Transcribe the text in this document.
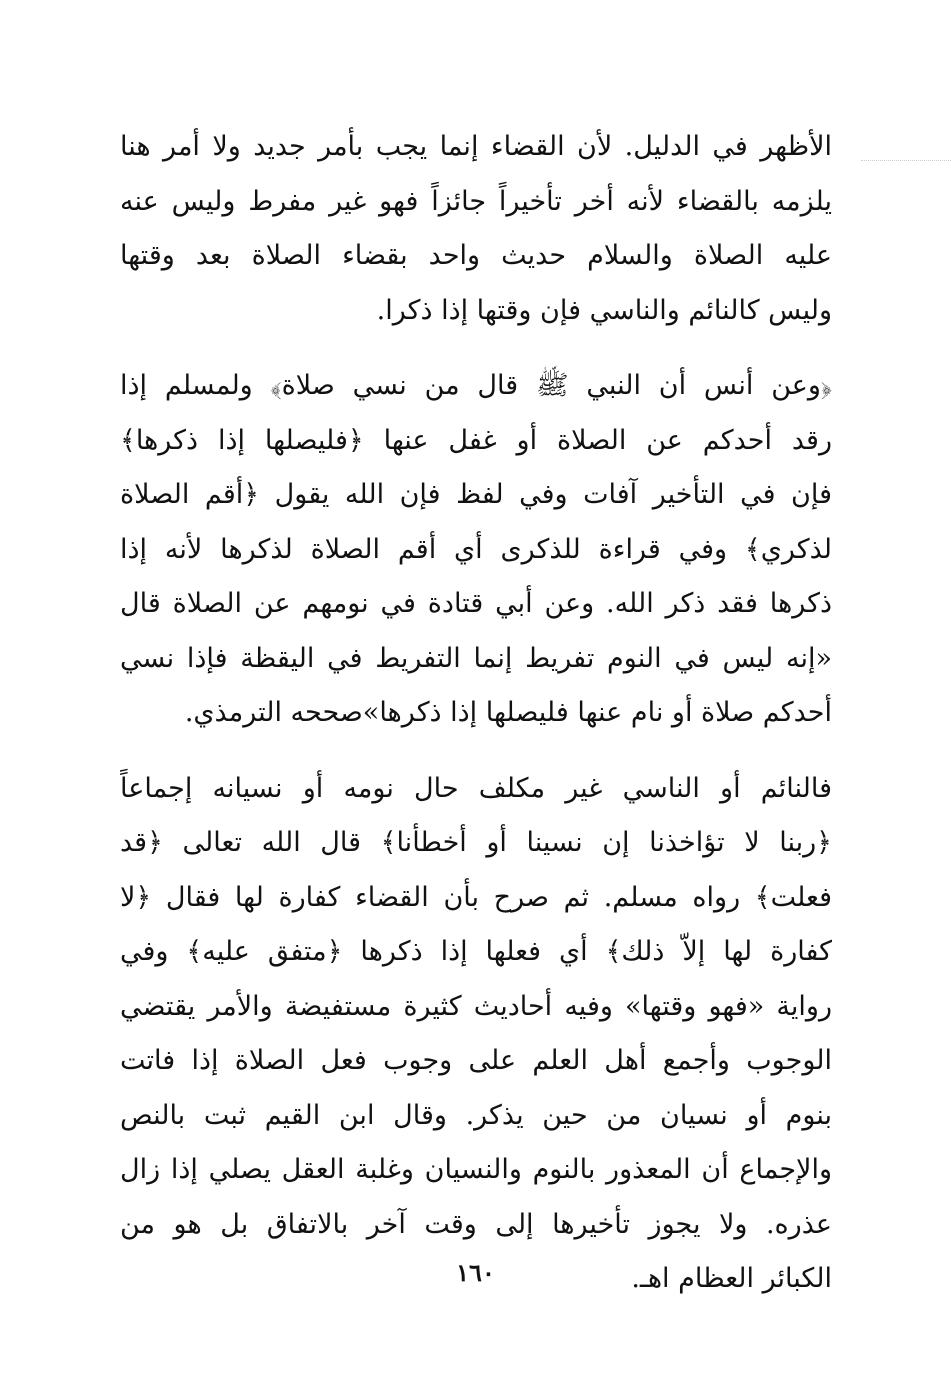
الأظهر في الدليل. لأن القضاء إنما يجب بأمر جديد ولا أمر هنا
يلزمه بالقضاء لأنه أخر تأخيراً جائزاً فهو غير مفرط وليس عنه
عليه الصلاة والسلام حديث واحد بقضاء الصلاة بعد وقتها
وليس كالنائم والناسي فإن وقتها إذا ذكرا.
﴿وعن أنس أن النبي ﷺ قال من نسي صلاة﴾ ولمسلم إذا
رقد أحدكم عن الصلاة أو غفل عنها ﴿فليصلها إذا ذكرها﴾
فإن في التأخير آفات وفي لفظ فإن الله يقول ﴿أقم الصلاة
لذكري﴾ وفي قراءة للذكرى أي أقم الصلاة لذكرها لأنه إذا
ذكرها فقد ذكر الله. وعن أبي قتادة في نومهم عن الصلاة قال
«إنه ليس في النوم تفريط إنما التفريط في اليقظة فإذا نسي
أحدكم صلاة أو نام عنها فليصلها إذا ذكرها»صححه الترمذي.
فالنائم أو الناسي غير مكلف حال نومه أو نسيانه إجماعاً
﴿ربنا لا تؤاخذنا إن نسينا أو أخطأنا﴾ قال الله تعالى ﴿قد
فعلت﴾ رواه مسلم. ثم صرح بأن القضاء كفارة لها فقال ﴿لا
كفارة لها إلاّ ذلك﴾ أي فعلها إذا ذكرها ﴿متفق عليه﴾ وفي
رواية «فهو وقتها» وفيه أحاديث كثيرة مستفيضة والأمر يقتضي
الوجوب وأجمع أهل العلم على وجوب فعل الصلاة إذا فاتت
بنوم أو نسيان من حين يذكر. وقال ابن القيم ثبت بالنص
والإجماع أن المعذور بالنوم والنسيان وغلبة العقل يصلي إذا زال
عذره. ولا يجوز تأخيرها إلى وقت آخر بالاتفاق بل هو من
الكبائر العظام اهـ.
١٦٠
